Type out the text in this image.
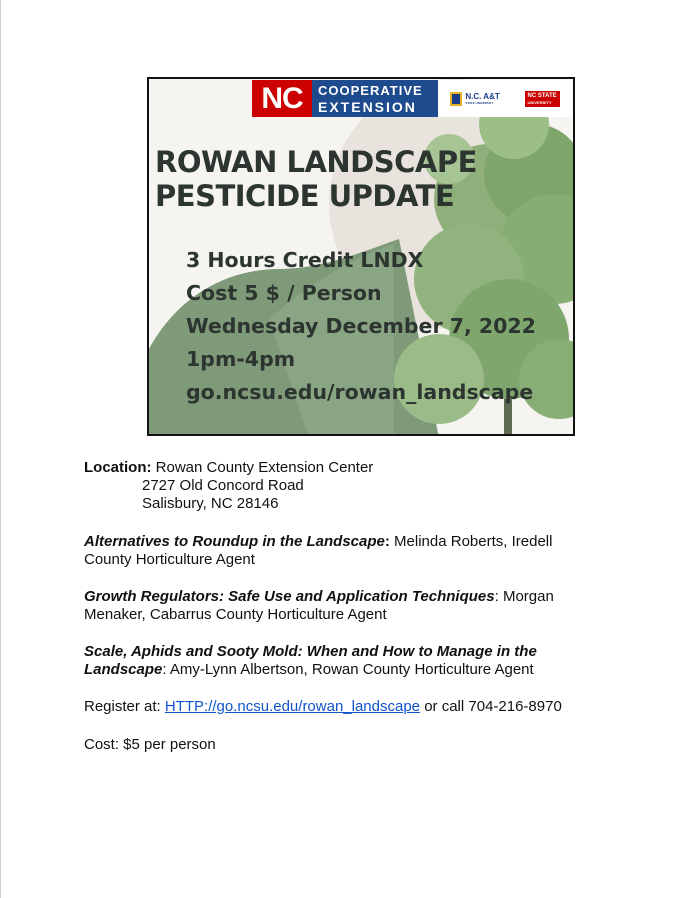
NC	COOPERATIVE
EXTENSION
N.C. A&T
STATE UNIVERSITY
NC STATE
UNIVERSITY
ROWAN LANDSCAPE
PESTICIDE UPDATE
3 Hours Credit LNDX
Cost 5 $ / Person
Wednesday December 7, 2022
1pm-4pm
go.ncsu.edu/rowan_landscape
Location: Rowan County Extension Center
2727 Old Concord Road
Salisbury, NC 28146
Alternatives to Roundup in the Landscape: Melinda Roberts, Iredell
County Horticulture Agent
Growth Regulators: Safe Use and Application Techniques: Morgan
Menaker, Cabarrus County Horticulture Agent
Scale, Aphids and Sooty Mold: When and How to Manage in the
Landscape: Amy-Lynn Albertson, Rowan County Horticulture Agent
Register at: HTTP://go.ncsu.edu/rowan_landscape or call 704-216-8970
Cost: $5 per person
